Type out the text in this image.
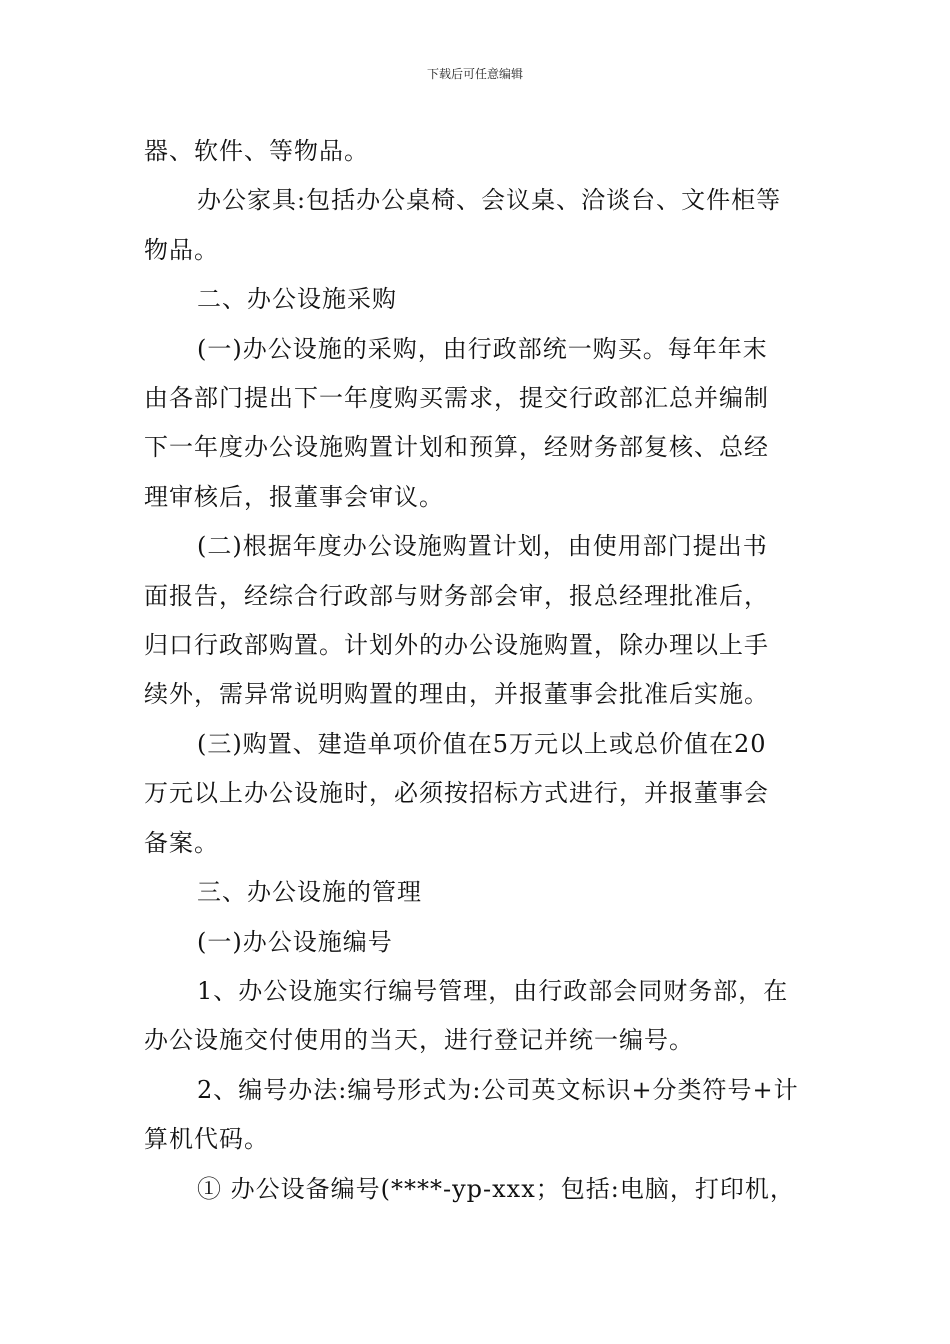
下载后可任意编辑

器、软件、等物品。

办公家具:包括办公桌椅、会议桌、洽谈台、文件柜等

物品。

二、办公设施采购

(一)办公设施的采购，由行政部统一购买。每年年末

由各部门提出下一年度购买需求，提交行政部汇总并编制

下一年度办公设施购置计划和预算，经财务部复核、总经

理审核后，报董事会审议。

(二)根据年度办公设施购置计划，由使用部门提出书

面报告，经综合行政部与财务部会审，报总经理批准后，

归口行政部购置。计划外的办公设施购置，除办理以上手

续外，需异常说明购置的理由，并报董事会批准后实施。

(三)购置、建造单项价值在5万元以上或总价值在20

万元以上办公设施时，必须按招标方式进行，并报董事会

备案。

三、办公设施的管理

(一)办公设施编号

1、办公设施实行编号管理，由行政部会同财务部，在

办公设施交付使用的当天，进行登记并统一编号。

2、编号办法:编号形式为:公司英文标识+分类符号+计

算机代码。

① 办公设备编号(****-yp-xxx；包括:电脑，打印机，
